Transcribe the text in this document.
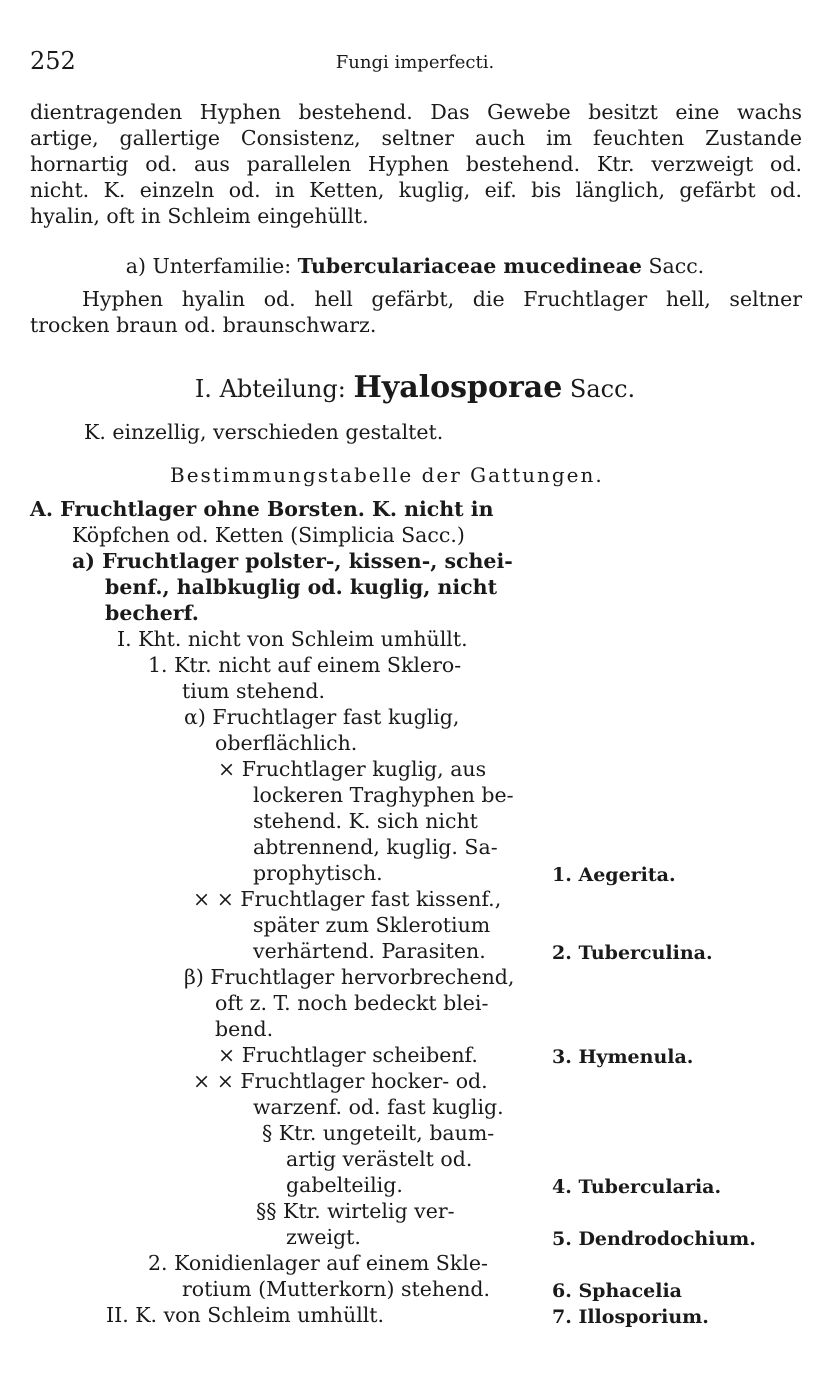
252	Fungi imperfecti.
dientragenden Hyphen bestehend. Das Gewebe besitzt eine wachs
artige, gallertige Consistenz, seltner auch im feuchten Zustande
hornartig od. aus parallelen Hyphen bestehend. Ktr. verzweigt od.
nicht. K. einzeln od. in Ketten, kuglig, eif. bis länglich, gefärbt od.
hyalin, oft in Schleim eingehüllt.
a) Unterfamilie: Tuberculariaceae mucedineae Sacc.
Hyphen hyalin od. hell gefärbt, die Fruchtlager hell, seltner
trocken braun od. braunschwarz.
I. Abteilung: Hyalosporae Sacc.
K. einzellig, verschieden gestaltet.
Bestimmungstabelle der Gattungen.
A. Fruchtlager ohne Borsten. K. nicht in
Köpfchen od. Ketten (Simplicia Sacc.)
a) Fruchtlager polster-, kissen-, schei-
benf., halbkuglig od. kuglig, nicht
becherf.
I. Kht. nicht von Schleim umhüllt.
1. Ktr. nicht auf einem Sklero-
tium stehend.
α) Fruchtlager fast kuglig,
oberflächlich.
× Fruchtlager kuglig, aus
lockeren Traghyphen be-
stehend. K. sich nicht
abtrennend, kuglig. Sa-
prophytisch.
× × Fruchtlager fast kissenf.,
später zum Sklerotium
verhärtend. Parasiten.
β) Fruchtlager hervorbrechend,
oft z. T. noch bedeckt blei-
bend.
× Fruchtlager scheibenf.
× × Fruchtlager hocker- od.
warzenf. od. fast kuglig.
§ Ktr. ungeteilt, baum-
artig verästelt od.
gabelteilig.
§§ Ktr. wirtelig ver-
zweigt.
2. Konidienlager auf einem Skle-
rotium (Mutterkorn) stehend.
II. K. von Schleim umhüllt.
1. Aegerita.
2. Tuberculina.
3. Hymenula.
4. Tubercularia.
5. Dendrodochium.
6. Sphacelia
7. Illosporium.
